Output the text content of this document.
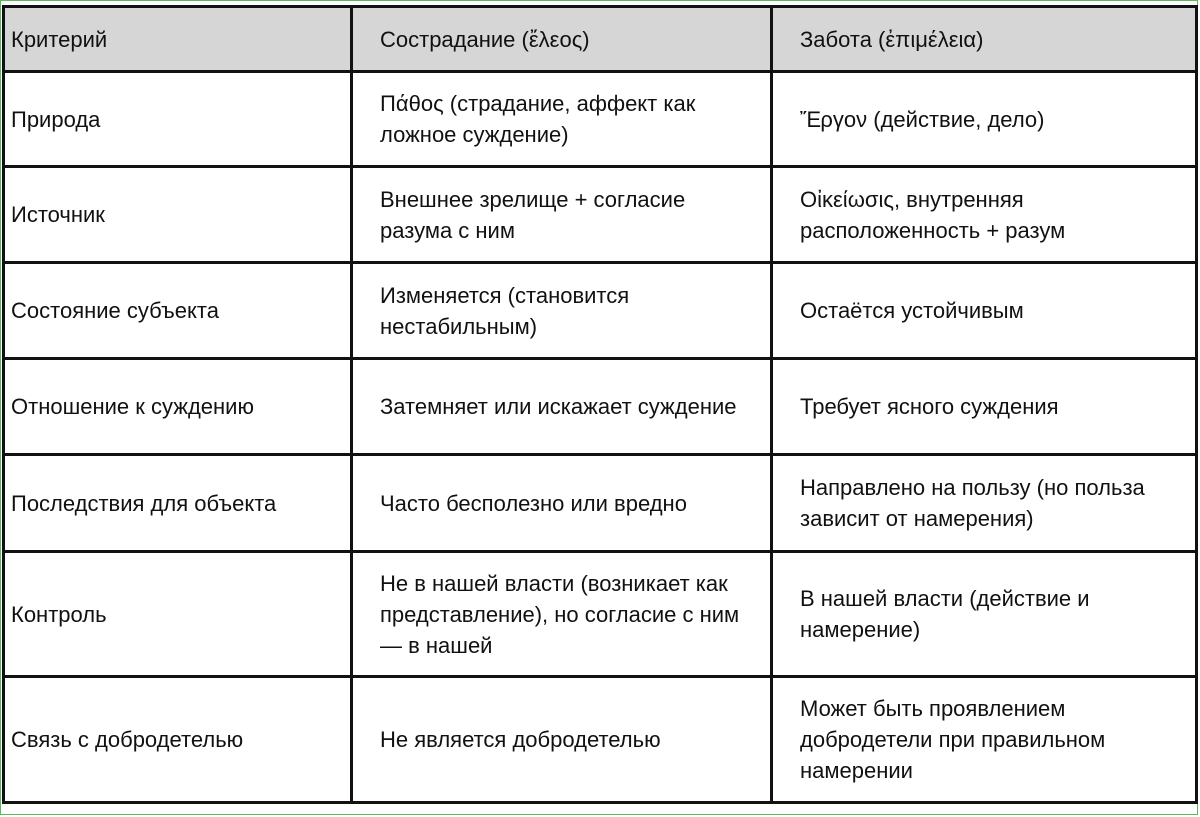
Критерий	Сострадание (ἔλεος)	Забота (ἐπιμέλεια)
Природа	Πάθος (страдание, аффект как ложное суждение)	Ἔργον (действие, дело)
Источник	Внешнее зрелище + согласие разума с ним	Οἰκείωσις, внутренняя расположенность + разум
Состояние субъекта	Изменяется (становится нестабильным)	Остаётся устойчивым
Отношение к суждению	Затемняет или искажает суждение	Требует ясного суждения
Последствия для объекта	Часто бесполезно или вредно	Направлено на пользу (но польза зависит от намерения)
Контроль	Не в нашей власти (возникает как представление), но согласие с ним — в нашей	В нашей власти (действие и намерение)
Связь с добродетелью	Не является добродетелью	Может быть проявлением добродетели при правильном намерении
